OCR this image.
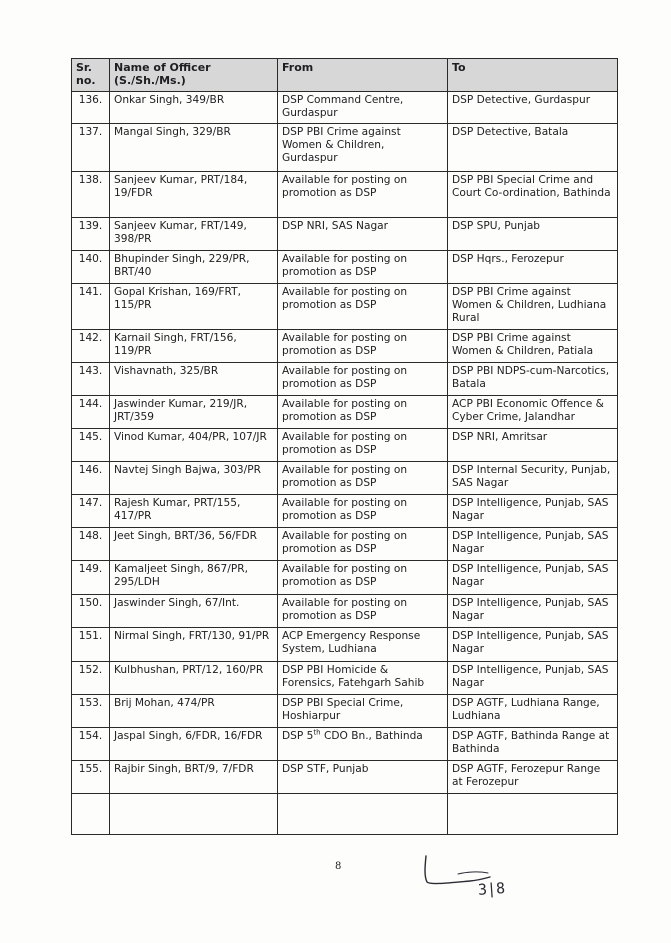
Sr. no.	Name of Officer (S./Sh./Ms.)	From	To
136.	Onkar Singh, 349/BR	DSP Command Centre, Gurdaspur	DSP Detective, Gurdaspur
137.	Mangal Singh, 329/BR	DSP PBI Crime against Women & Children, Gurdaspur	DSP Detective, Batala
138.	Sanjeev Kumar, PRT/184, 19/FDR	Available for posting on promotion as DSP	DSP PBI Special Crime and Court Co-ordination, Bathinda
139.	Sanjeev Kumar, FRT/149, 398/PR	DSP NRI, SAS Nagar	DSP SPU, Punjab
140.	Bhupinder Singh, 229/PR, BRT/40	Available for posting on promotion as DSP	DSP Hqrs., Ferozepur
141.	Gopal Krishan, 169/FRT, 115/PR	Available for posting on promotion as DSP	DSP PBI Crime against Women & Children, Ludhiana Rural
142.	Karnail Singh, FRT/156, 119/PR	Available for posting on promotion as DSP	DSP PBI Crime against Women & Children, Patiala
143.	Vishavnath, 325/BR	Available for posting on promotion as DSP	DSP PBI NDPS-cum-Narcotics, Batala
144.	Jaswinder Kumar, 219/JR, JRT/359	Available for posting on promotion as DSP	ACP PBI Economic Offence & Cyber Crime, Jalandhar
145.	Vinod Kumar, 404/PR, 107/JR	Available for posting on promotion as DSP	DSP NRI, Amritsar
146.	Navtej Singh Bajwa, 303/PR	Available for posting on promotion as DSP	DSP Internal Security, Punjab, SAS Nagar
147.	Rajesh Kumar, PRT/155, 417/PR	Available for posting on promotion as DSP	DSP Intelligence, Punjab, SAS Nagar
148.	Jeet Singh, BRT/36, 56/FDR	Available for posting on promotion as DSP	DSP Intelligence, Punjab, SAS Nagar
149.	Kamaljeet Singh, 867/PR, 295/LDH	Available for posting on promotion as DSP	DSP Intelligence, Punjab, SAS Nagar
150.	Jaswinder Singh, 67/Int.	Available for posting on promotion as DSP	DSP Intelligence, Punjab, SAS Nagar
151.	Nirmal Singh, FRT/130, 91/PR	ACP Emergency Response System, Ludhiana	DSP Intelligence, Punjab, SAS Nagar
152.	Kulbhushan, PRT/12, 160/PR	DSP PBI Homicide & Forensics, Fatehgarh Sahib	DSP Intelligence, Punjab, SAS Nagar
153.	Brij Mohan, 474/PR	DSP PBI Special Crime, Hoshiarpur	DSP AGTF, Ludhiana Range, Ludhiana
154.	Jaspal Singh, 6/FDR, 16/FDR	DSP 5th CDO Bn., Bathinda	DSP AGTF, Bathinda Range at Bathinda
155.	Rajbir Singh, BRT/9, 7/FDR	DSP STF, Punjab	DSP AGTF, Ferozepur Range at Ferozepur

8
3|8
